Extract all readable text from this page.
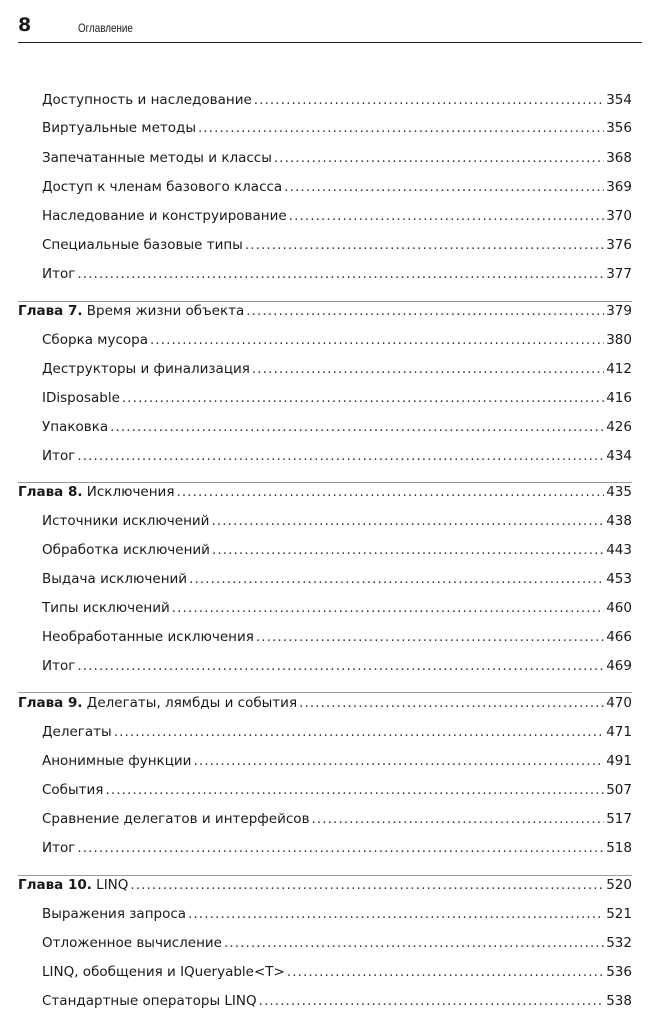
8	Оглавление
Доступность и наследование . . .	354
Виртуальные методы . . .	356
Запечатанные методы и классы . . .	368
Доступ к членам базового класса . . .	369
Наследование и конструирование . . .	370
Специальные базовые типы . . .	376
Итог . . .	377
Глава 7. Время жизни объекта . . .	379
Сборка мусора . . .	380
Деструкторы и финализация . . .	412
IDisposable . . .	416
Упаковка . . .	426
Итог . . .	434
Глава 8. Исключения . . .	435
Источники исключений . . .	438
Обработка исключений . . .	443
Выдача исключений . . .	453
Типы исключений . . .	460
Необработанные исключения . . .	466
Итог . . .	469
Глава 9. Делегаты, лямбды и события . . .	470
Делегаты . . .	471
Анонимные функции . . .	491
События . . .	507
Сравнение делегатов и интерфейсов . . .	517
Итог . . .	518
Глава 10. LINQ . . .	520
Выражения запроса . . .	521
Отложенное вычисление . . .	532
LINQ, обобщения и IQueryable<T> . . .	536
Стандартные операторы LINQ . . .	538
